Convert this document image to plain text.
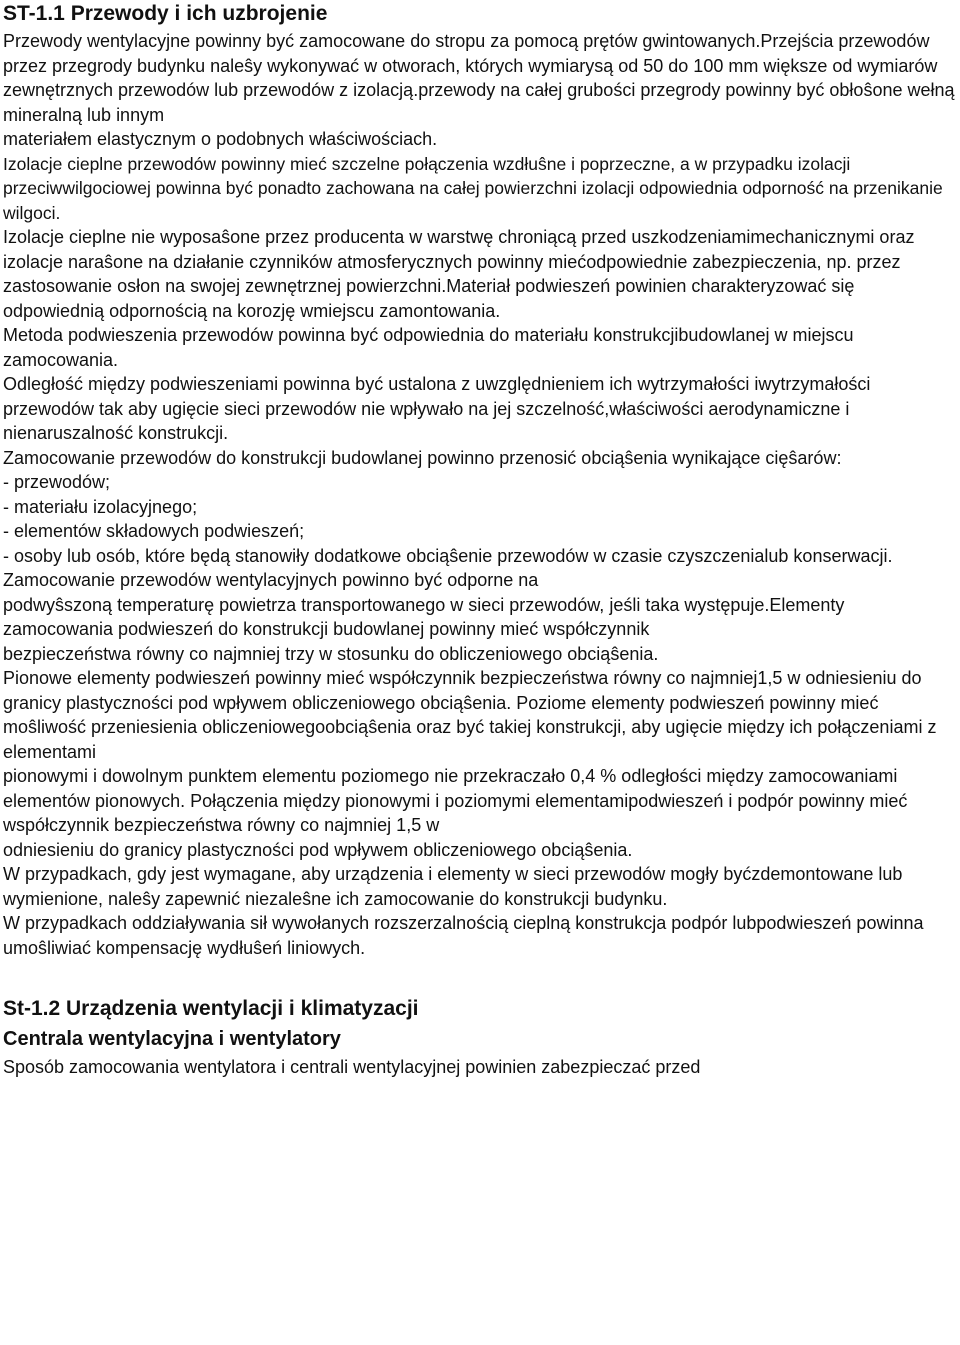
ST-1.1 Przewody i ich uzbrojenie

Przewody wentylacyjne powinny być zamocowane do stropu za pomocą prętów gwintowanych.Przejścia przewodów przez przegrody budynku naleŝy wykonywać w otworach, których wymiarysą od 50 do 100 mm większe od wymiarów zewnętrznych przewodów lub przewodów z izolacją.przewody na całej grubości przegrody powinny być obłoŝone wełną mineralną lub innym

materiałem elastycznym o podobnych właściwościach.

Izolacje cieplne przewodów powinny mieć szczelne połączenia wzdłuŝne i poprzeczne, a w przypadku izolacji przeciwwilgociowej powinna być ponadto zachowana na całej powierzchni izolacji odpowiednia odporność na przenikanie wilgoci.

Izolacje cieplne nie wyposaŝone przez producenta w warstwę chroniącą przed uszkodzeniamimechanicznymi oraz izolacje naraŝone na działanie czynników atmosferycznych powinny miećodpowiednie zabezpieczenia, np. przez zastosowanie osłon na swojej zewnętrznej powierzchni.Materiał podwieszeń powinien charakteryzować się odpowiednią odpornością na korozję wmiejscu zamontowania.

Metoda podwieszenia przewodów powinna być odpowiednia do materiału konstrukcjibudowlanej w miejscu zamocowania.

Odległość między podwieszeniami powinna być ustalona z uwzględnieniem ich wytrzymałości iwytrzymałości przewodów tak aby ugięcie sieci przewodów nie wpływało na jej szczelność,właściwości aerodynamiczne i nienaruszalność konstrukcji.

Zamocowanie przewodów do konstrukcji budowlanej powinno przenosić obciąŝenia wynikające cięŝarów:

- przewodów;

- materiału izolacyjnego;

- elementów składowych podwieszeń;

- osoby lub osób, które będą stanowiły dodatkowe obciąŝenie przewodów w czasie czyszczenialub konserwacji.

Zamocowanie przewodów wentylacyjnych powinno być odporne na

podwyŝszoną temperaturę powietrza transportowanego w sieci przewodów, jeśli taka występuje.Elementy zamocowania podwieszeń do konstrukcji budowlanej powinny mieć współczynnik

bezpieczeństwa równy co najmniej trzy w stosunku do obliczeniowego obciąŝenia.

Pionowe elementy podwieszeń powinny mieć współczynnik bezpieczeństwa równy co najmniej1,5 w odniesieniu do granicy plastyczności pod wpływem obliczeniowego obciąŝenia. Poziome elementy podwieszeń powinny mieć moŝliwość przeniesienia obliczeniowegoobciąŝenia oraz być takiej konstrukcji, aby ugięcie między ich połączeniami z elementami

pionowymi i dowolnym punktem elementu poziomego nie przekraczało 0,4 % odległości między zamocowaniami elementów pionowych. Połączenia między pionowymi i poziomymi elementamipodwieszeń i podpór powinny mieć współczynnik bezpieczeństwa równy co najmniej 1,5 w

odniesieniu do granicy plastyczności pod wpływem obliczeniowego obciąŝenia.

W przypadkach, gdy jest wymagane, aby urządzenia i elementy w sieci przewodów mogły byćzdemontowane lub wymienione, naleŝy zapewnić niezaleŝne ich zamocowanie do konstrukcji budynku.

W przypadkach oddziaływania sił wywołanych rozszerzalnością cieplną konstrukcja podpór lubpodwieszeń powinna umoŝliwiać kompensację wydłuŝeń liniowych.

St-1.2 Urządzenia wentylacji i klimatyzacji
Centrala wentylacyjna i wentylatory

Sposób zamocowania wentylatora i centrali wentylacyjnej powinien zabezpieczać przed
